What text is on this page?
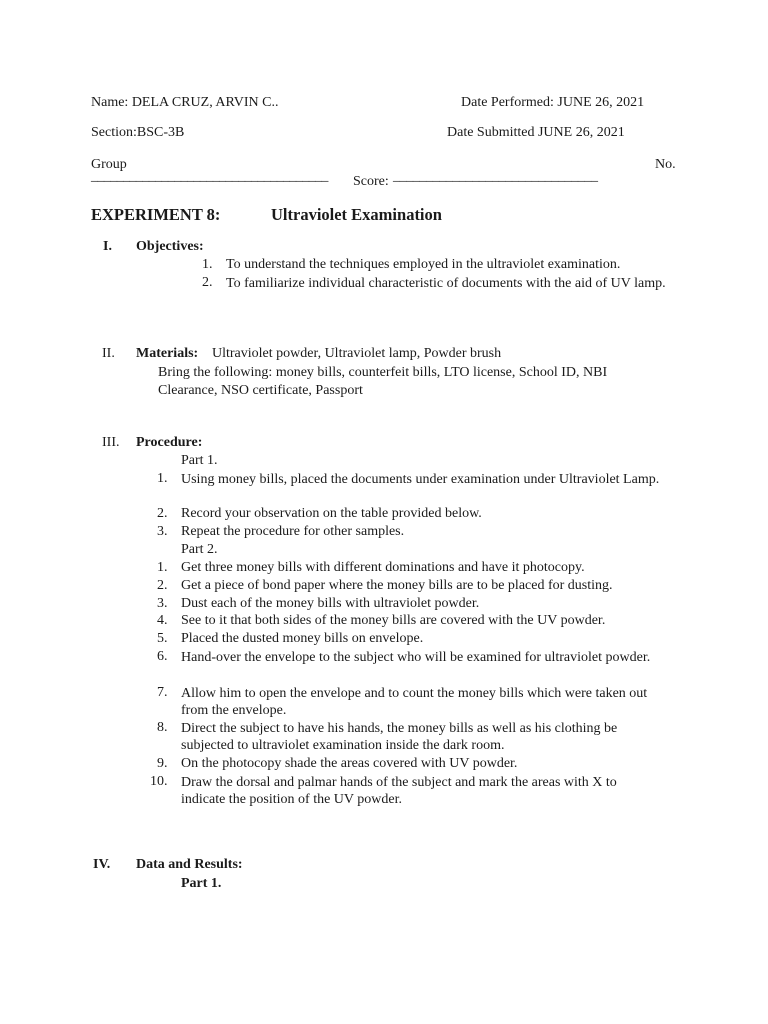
Name: DELA CRUZ, ARVIN C..	Date Performed: JUNE 26, 2021
Section:BSC-3B	Date Submitted JUNE 26, 2021
Group	No.
_____________________________________ Score: _______________________________
EXPERIMENT 8:	Ultraviolet Examination
I. Objectives:
1. To understand the techniques employed in the ultraviolet examination.
2. To familiarize individual characteristic of documents with the aid of UV lamp.
II. Materials: Ultraviolet powder, Ultraviolet lamp, Powder brush
Bring the following: money bills, counterfeit bills, LTO license, School ID, NBI Clearance, NSO certificate, Passport
III. Procedure:
Part 1.
1. Using money bills, placed the documents under examination under Ultraviolet Lamp.
2. Record your observation on the table provided below.
3. Repeat the procedure for other samples.
Part 2.
1. Get three money bills with different dominations and have it photocopy.
2. Get a piece of bond paper where the money bills are to be placed for dusting.
3. Dust each of the money bills with ultraviolet powder.
4. See to it that both sides of the money bills are covered with the UV powder.
5. Placed the dusted money bills on envelope.
6. Hand-over the envelope to the subject who will be examined for ultraviolet powder.
7. Allow him to open the envelope and to count the money bills which were taken out from the envelope.
8. Direct the subject to have his hands, the money bills as well as his clothing be subjected to ultraviolet examination inside the dark room.
9. On the photocopy shade the areas covered with UV powder.
10. Draw the dorsal and palmar hands of the subject and mark the areas with X to indicate the position of the UV powder.
IV. Data and Results:
Part 1.
